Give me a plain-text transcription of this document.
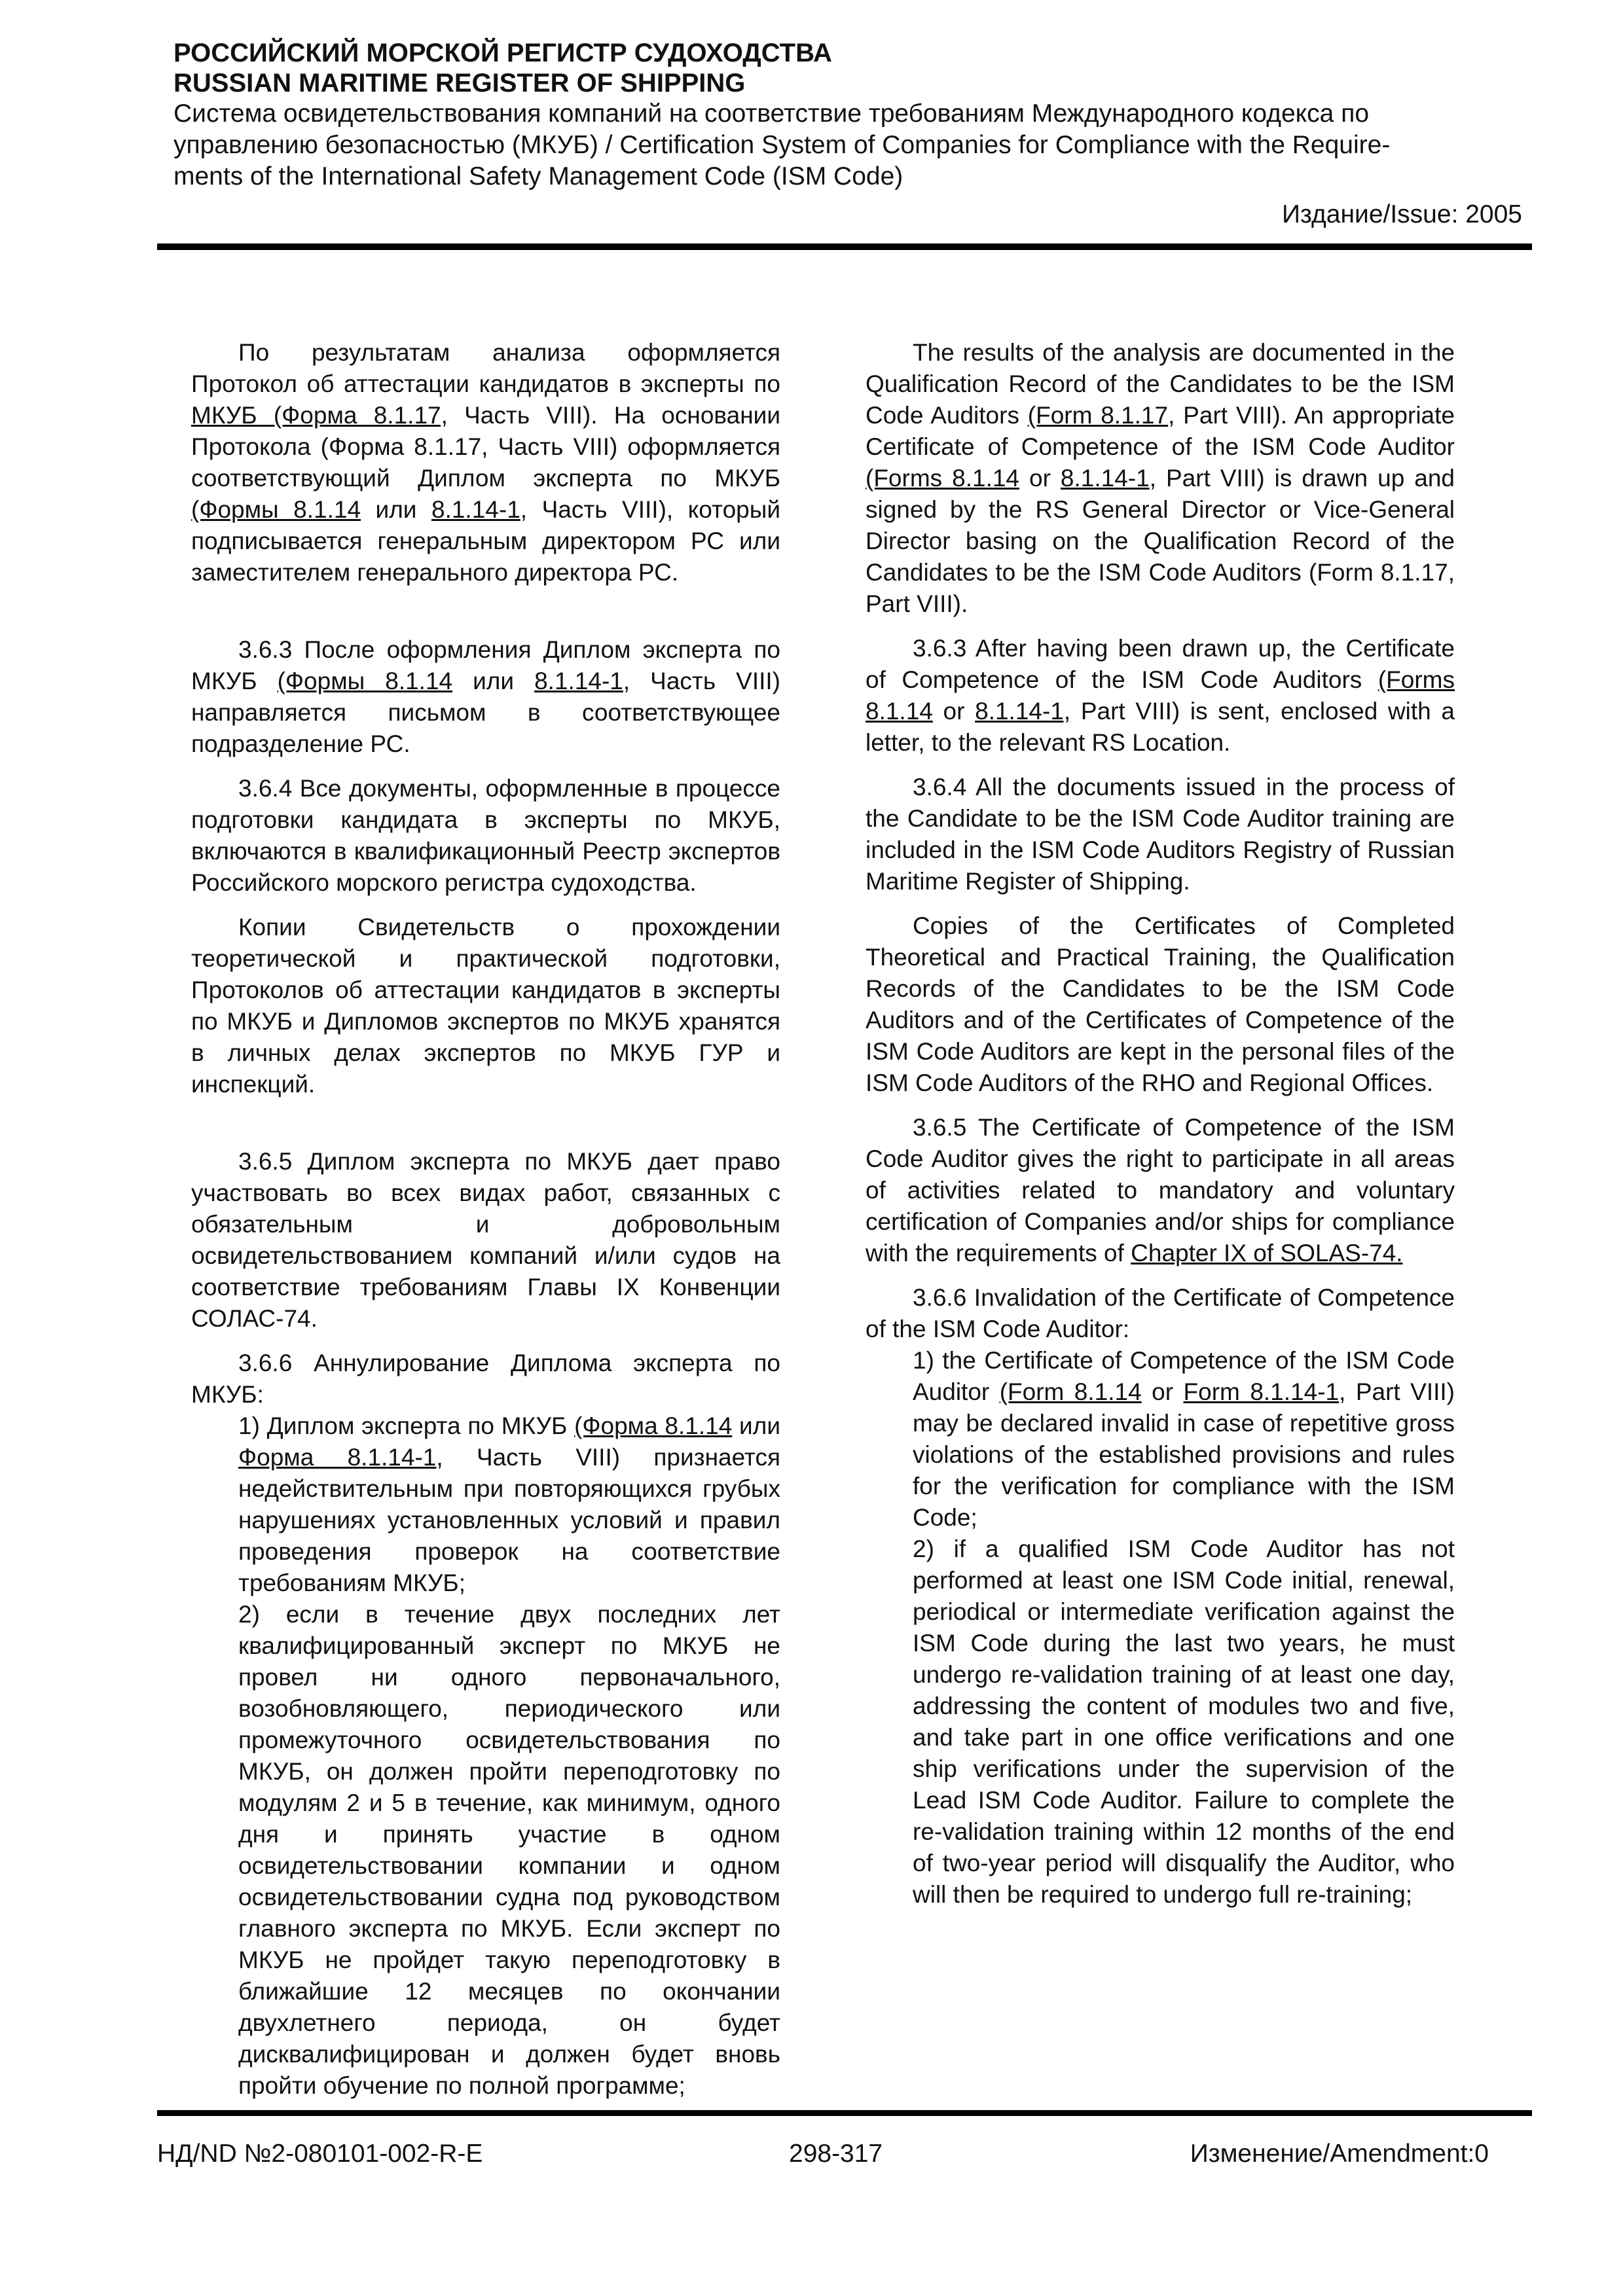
РОССИЙСКИЙ МОРСКОЙ РЕГИСТР СУДОХОДСТВА

RUSSIAN MARITIME REGISTER OF SHIPPING

Система освидетельствования компаний на соответствие требованиям Международного кодекса по

управлению безопасностью (МКУБ) / Certification System of Companies for Compliance with the Require-

ments of the International Safety Management Code (ISM Code)

Издание/Issue: 2005

По результатам анализа оформляется Протокол об аттестации кандидатов в эксперты по МКУБ (Форма 8.1.17, Часть VIII). На основании Протокола (Форма 8.1.17, Часть VIII) оформляется соответствующий Диплом эксперта по МКУБ (Формы 8.1.14 или 8.1.14-1, Часть VIII), который подписывается генеральным директором РС или заместителем генерального директора РС.

3.6.3 После оформления Диплом эксперта по МКУБ (Формы 8.1.14 или 8.1.14-1, Часть VIII) направляется письмом в соответствующее подразделение РС.

3.6.4 Все документы, оформленные в процессе подготовки кандидата в эксперты по МКУБ, включаются в квалификационный Реестр экспертов Российского морского регистра судоходства.

Копии Свидетельств о прохождении теоретической и практической подготовки, Протоколов об аттестации кандидатов в эксперты по МКУБ и Дипломов экспертов по МКУБ хранятся в личных делах экспертов по МКУБ ГУР и инспекций.

3.6.5 Диплом эксперта по МКУБ дает право участвовать во всех видах работ, связанных с обязательным и добровольным освидетельствованием компаний и/или судов на соответствие требованиям Главы IX Конвенции СОЛАС-74.

3.6.6 Аннулирование Диплома эксперта по МКУБ:

1) Диплом эксперта по МКУБ (Форма 8.1.14 или Форма 8.1.14-1, Часть VIII) признается недействительным при повторяющихся грубых нарушениях установленных условий и правил проведения проверок на соответствие требованиям МКУБ;

2) если в течение двух последних лет квалифицированный эксперт по МКУБ не провел ни одного первоначального, возобновляющего, периодического или промежуточного освидетельствования по МКУБ, он должен пройти переподготовку по модулям 2 и 5 в течение, как минимум, одного дня и принять участие в одном освидетельствовании компании и одном освидетельствовании судна под руководством главного эксперта по МКУБ. Если эксперт по МКУБ не пройдет такую переподготовку в ближайшие 12 месяцев по окончании двухлетнего периода, он будет дисквалифицирован и должен будет вновь пройти обучение по полной программе;

The results of the analysis are documented in the Qualification Record of the Candidates to be the ISM Code Auditors (Form 8.1.17, Part VIII). An appropriate Certificate of Competence of the ISM Code Auditor (Forms 8.1.14 or 8.1.14-1, Part VIII) is drawn up and signed by the RS General Director or Vice-General Director basing on the Qualification Record of the Candidates to be the ISM Code Auditors (Form 8.1.17, Part VIII).

3.6.3 After having been drawn up, the Certificate of Competence of the ISM Code Auditors (Forms 8.1.14 or 8.1.14-1, Part VIII) is sent, enclosed with a letter, to the relevant RS Location.

3.6.4 All the documents issued in the process of the Candidate to be the ISM Code Auditor training are included in the ISM Code Auditors Registry of Russian Maritime Register of Shipping.

Copies of the Certificates of Completed Theoretical and Practical Training, the Qualification Records of the Candidates to be the ISM Code Auditors and of the Certificates of Competence of the ISM Code Auditors are kept in the personal files of the ISM Code Auditors of the RHO and Regional Offices.

3.6.5 The Certificate of Competence of the ISM Code Auditor gives the right to participate in all areas of activities related to mandatory and voluntary certification of Companies and/or ships for compliance with the requirements of Chapter IX of SOLAS-74.

3.6.6 Invalidation of the Certificate of Competence of the ISM Code Auditor:

1) the Certificate of Competence of the ISM Code Auditor (Form 8.1.14 or Form 8.1.14-1, Part VIII) may be declared invalid in case of repetitive gross violations of the established provisions and rules for the verification for compliance with the ISM Code;

2) if a qualified ISM Code Auditor has not performed at least one ISM Code initial, renewal, periodical or intermediate verification against the ISM Code during the last two years, he must undergo re-validation training of at least one day, addressing the content of modules two and five, and take part in one office verifications and one ship verifications under the supervision of the Lead ISM Code Auditor. Failure to complete the re-validation training within 12 months of the end of two-year period will disqualify the Auditor, who will then be required to undergo full re-training;

НД/ND №2-080101-002-R-E	298-317	Изменение/Amendment:0
